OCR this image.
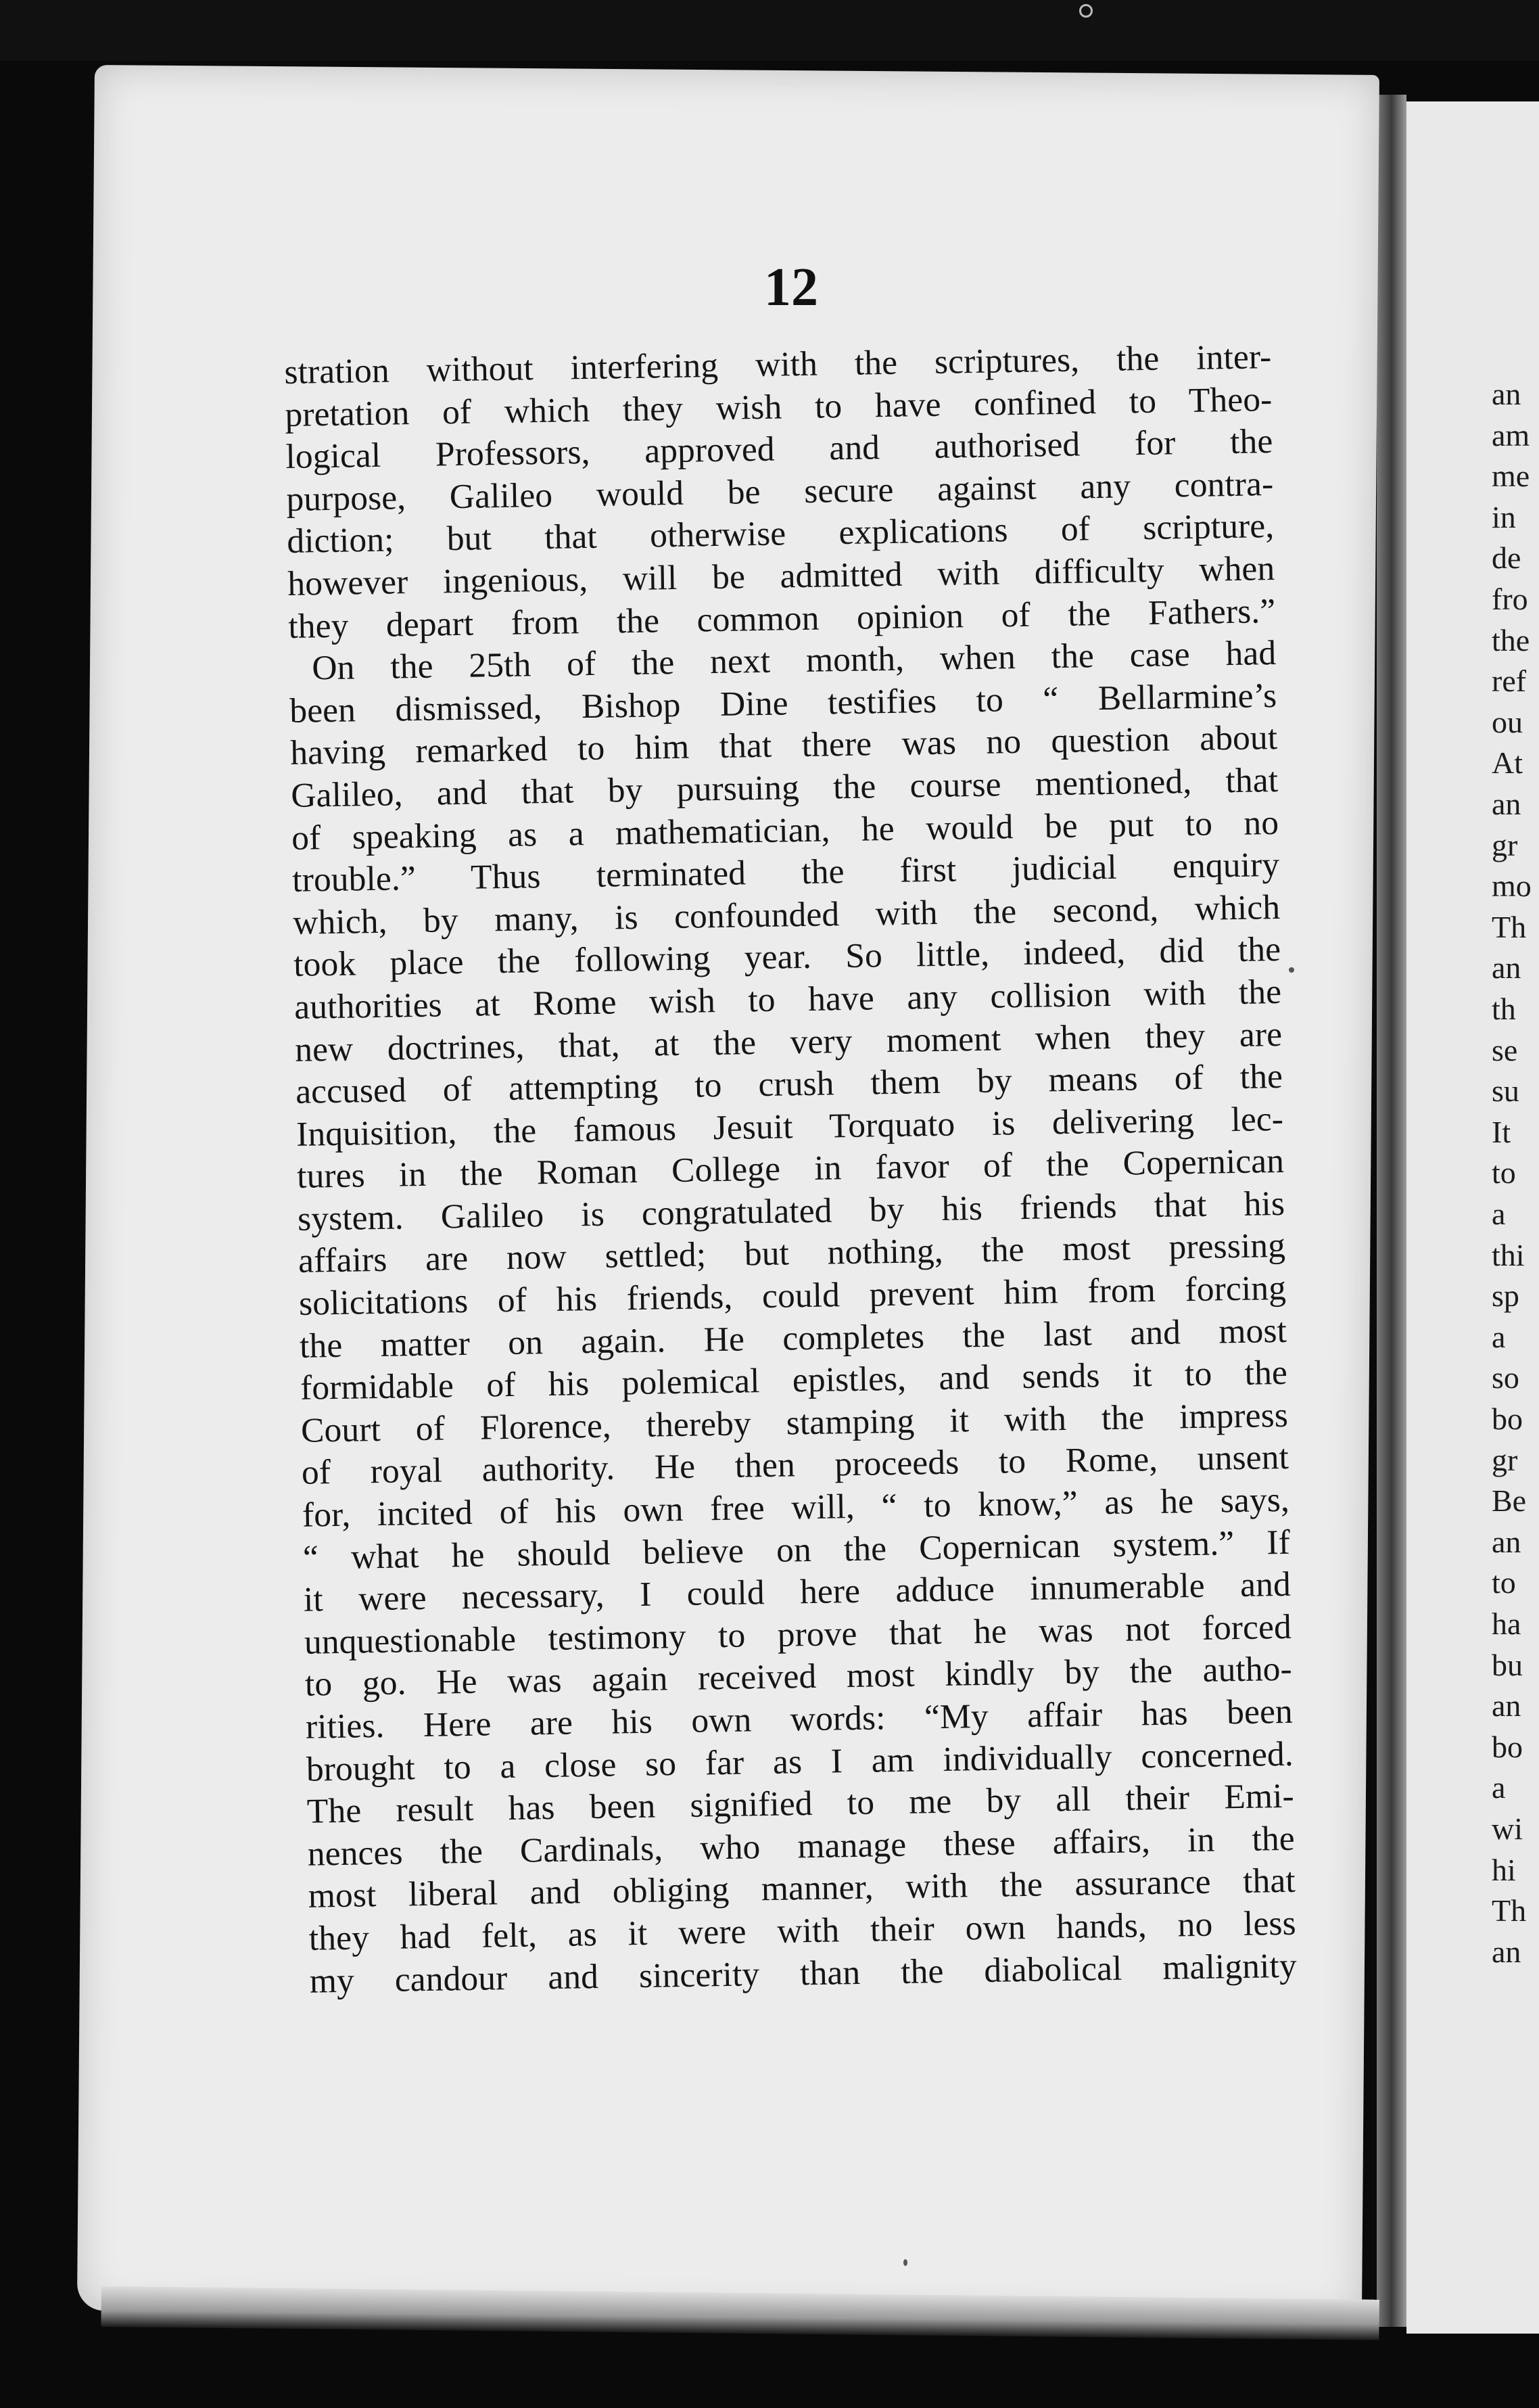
an
am
me
in
de
fro
the
ref
ou
At
an
gr
mo
Th
an
th
se
su
It
to
a
thi
sp
a
so
bo
gr
Be
an
to
ha
bu
an
bo
a
wi
hi
Th
an
12
stration without interfering with the scriptures, the inter-
pretation of which they wish to have confined to Theo-
logical Professors, approved and authorised for the
purpose, Galileo would be secure against any contra-
diction; but that otherwise explications of scripture,
however ingenious, will be admitted with difficulty when
they depart from the common opinion of the Fathers.”
On the 25th of the next month, when the case had
been dismissed, Bishop Dine testifies to “ Bellarmine’s
having remarked to him that there was no question about
Galileo, and that by pursuing the course mentioned, that
of speaking as a mathematician, he would be put to no
trouble.” Thus terminated the first judicial enquiry
which, by many, is confounded with the second, which
took place the following year. So little, indeed, did the
authorities at Rome wish to have any collision with the
new doctrines, that, at the very moment when they are
accused of attempting to crush them by means of the
Inquisition, the famous Jesuit Torquato is delivering lec-
tures in the Roman College in favor of the Copernican
system. Galileo is congratulated by his friends that his
affairs are now settled; but nothing, the most pressing
solicitations of his friends, could prevent him from forcing
the matter on again. He completes the last and most
formidable of his polemical epistles, and sends it to the
Court of Florence, thereby stamping it with the impress
of royal authority. He then proceeds to Rome, unsent
for, incited of his own free will, “ to know,” as he says,
“ what he should believe on the Copernican system.” If
it were necessary, I could here adduce innumerable and
unquestionable testimony to prove that he was not forced
to go. He was again received most kindly by the autho-
rities. Here are his own words: “My affair has been
brought to a close so far as I am individually concerned.
The result has been signified to me by all their Emi-
nences the Cardinals, who manage these affairs, in the
most liberal and obliging manner, with the assurance that
they had felt, as it were with their own hands, no less
my candour and sincerity than the diabolical malignity
